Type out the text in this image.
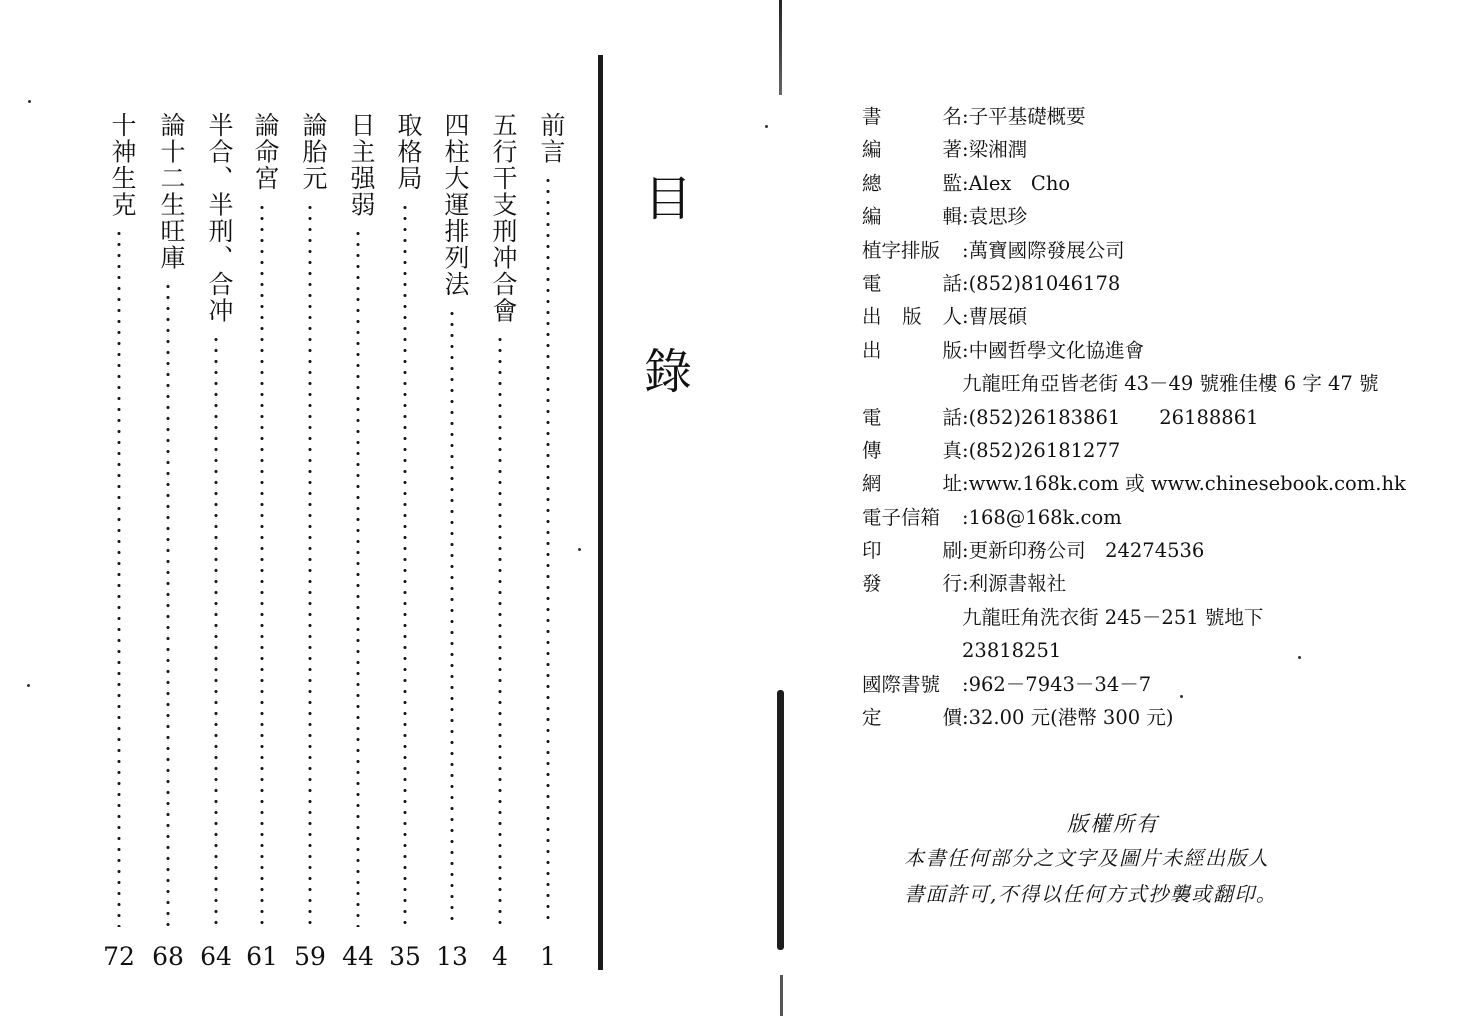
目
錄
前言
1
五行干支刑冲合會
4
四柱大運排列法
13
取格局
35
日主强弱
44
論胎元
59
論命宮
61
半合、半刑、合冲
64
論十二生旺庫
68
十神生克
72
書	名 :子平基礎概要
編	著 :梁湘潤
總	監 :Alex　Cho
編	輯 :袁思珍
植字排版 :萬寶國際發展公司
電	話 :(852)81046178
出 版 人 :曹展碩
出	版 :中國哲學文化協進會
九龍旺角亞皆老街 43－49 號雅佳樓 6 字 47 號
電	話 :(852)26183861　　26188861
傳	真 :(852)26181277
網	址 :www.168k.com 或 www.chinesebook.com.hk
電子信箱 :168@168k.com
印	刷 :更新印務公司　24274536
發	行 :利源書報社
九龍旺角洗衣街 245－251 號地下
23818251
國際書號 :962－7943－34－7
定	價 :32.00 元(港幣 300 元)
版權所有
本書任何部分之文字及圖片未經出版人
書面許可,不得以任何方式抄襲或翻印。
